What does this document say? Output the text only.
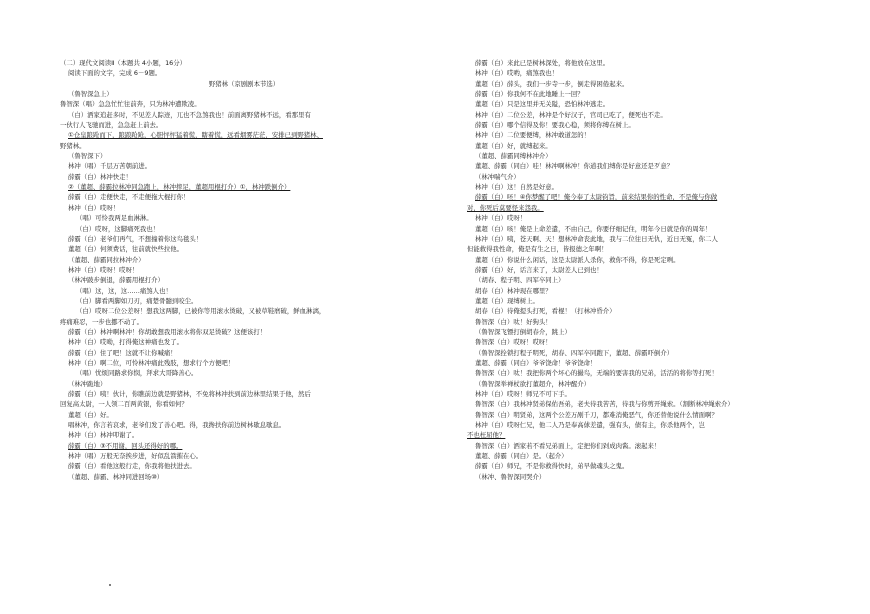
（二）现代文阅读Ⅱ（本题共 4小题，16分）
阅读下面的文字，完成 6－9题。
野猪林（京剧剧本节选）
（鲁智深急上）
鲁智深（唱）急急忙忙往前奔，只为林冲遭欺凌。
（白）洒家追赶多时，不见差人踪迹，兀也不急煞我也！前面离野猪林不远，看那里有
一伙行人飞驰而进，急急赶上前去。
①仓皇踉跄而下，踉踉跄跄，心胆怦怦猛着慌，瞎着慌，远看烟雾茫茫，安排已到野猪林、
野猪林。
（鲁智深下）
林冲（唱）千层万苦朝前进。
薛霸（白）林冲快走！
②（董超、薛霸拉林冲同急跑上，林冲摔足，董超用棍打介）①，林冲跌倒介）
薛霸（白）走便快走，不走便拖大棍打你！
林冲（白）哎呀！
（唱）可怜我两足血淋淋。
（白）哎呀，这脚痛死我也！
薛霸（白）老爷们再气，不想撞着你这鸟毯头！
董超（白）何须费话，往前就快些拉他。
（董超、薛霸同拉林冲介）
林冲（白）哎呀！哎呀！
（林冲跛步倒退，薛霸用棍打介）
（唱）这，这，这……痛煞人也！
（白）脚看两脚如刀刃，痛楚骨髓到咬尘。
（白）哎呀二位公差呀！想我这两脚，已被你等用滚水烫破，又被草鞋磨破，鲜血淋漓，
疼痛难忍，一步也挪不动了。
薛霸（白）林冲啊林冲！你胡敢想我用滚水将你双足烫破？这便该打！
林冲（白）哎呦，打得俺这神痛也发了。
薛霸（白）住了吧！这就不让你喊痛！
林冲（白）啊二位，可怜林冲痛此残肢，想求行个方便吧！
（唱）忧烦同路求你悯，拜求大哥降善心。
（林冲跪地）
薛霸（白）咦！伙计，你瞧前边就是野猪林，不免将林冲扶到前边林里结果于他，然后
回复高太尉，一人领二百两黄银，你看如何？
董超（白）好。
唱林冲，你言若哀求，老爷们发了善心吧。得，我搀扶你前边树林歇息歇息。
林冲（白）林冲叩谢了。
薛霸（白）③不用谢，回头还得好的哪。
林冲（唱）万般无奈挨步进，好似乱箭摧在心。
薛霸（白）看他这般行走，你我将他扶进去。
（董超、薛霸、林冲同进回场⑩）
薛霸（白）来此已是树林深处，将他放在这里。
林冲（白）哎哟，痛煞我也！
董超（白）薛头，我们一步寺一步，倒走得困倦起来。
薛霸（白）你我何不在此地睡上一回？
董超（白）只是这里并无关隘，恐怕林冲逃走。
林冲（白）二位公差，林冲是个好汉子，官司已吃了，便死也不走。
薛霸（白）哪个信得及你！要我心稳，须将你缚在树上。
林冲（白）二位要便缚，林冲敢道怎的！
董超（白）好，就缚起来。
（董超、薛霸同缚林冲介）
董超、薛霸（同白）哇！林冲啊林冲！你道我们缚你是好意还是歹意？
（林冲喘气介）
林冲（白）这！自然是好意。
薛霸（白）呸！④你梦醒了吧！俺今奉了太尉钧旨，前来结果你的性命，不是俺与你做
对，你死后莫要怪来怨我。
林冲（白）哎呀！
董超（白）咳！俺是上命差遣，不由自己，你要仔细记住，明年今日就是你的周年！
林冲（白）咦，苍天啊、天！想林冲命丧此地，我与二位往日无仇，近日无冤，你二人
但能救得我性命，俺是有生之日，皆报德之年啊！
董超（白）你说什么闲话，这是太尉派人杀你，救你不得，你是死定咧。
薛霸（白）好，话言来了，太尉差人已到也！
（胡春、程子明、四军卒同上）
胡春（白）林冲现在哪里？
董超（白）现缚树上。
胡春（白）待俺提头打死，看棍！（打林冲昏介）
鲁智深（白）呔！好狗头！
（鲁智深飞镖打倒胡春介，跳上）
鲁智深（白）哎呀！哎呀！
（鲁智深拴锁打程子明死，胡春、四军卒同跑下，董超、薛霸吓倒介）
董超、薛霸（同白）爷爷饶命！爷爷饶命！
鲁智深（白）呔！我把你两个坏心的撮鸟，无端的要害我的兄弟，活活的将你等打死！
（鲁智深举禅杖欲打董超介，林冲醒介）
林冲（白）哎呀！师兄不可下手。
鲁智深（白）我林冲贤弟保佑吾弟，老夫待我苦苦，待我与你剪开绳索。（割断林冲绳索介）
鲁智深（白）明贤弟，这两个公差万剐千刀，都难消俺恶气，你还替他说什么情面啊？
林冲（白）哎呀仁兄，他二人乃是奉高俅差遣，强有头，债有主，你杀他两个，岂
不也枉屈他？
鲁智深（白）洒家若不看兄弟面上，定把你们剁成肉酱。滚起来！
董超、薛霸（同白）是。（起介）
薛霸（白）师兄，不是你救得快时，弟早做魂头之鬼。
（林冲、鲁智深同哭介）
